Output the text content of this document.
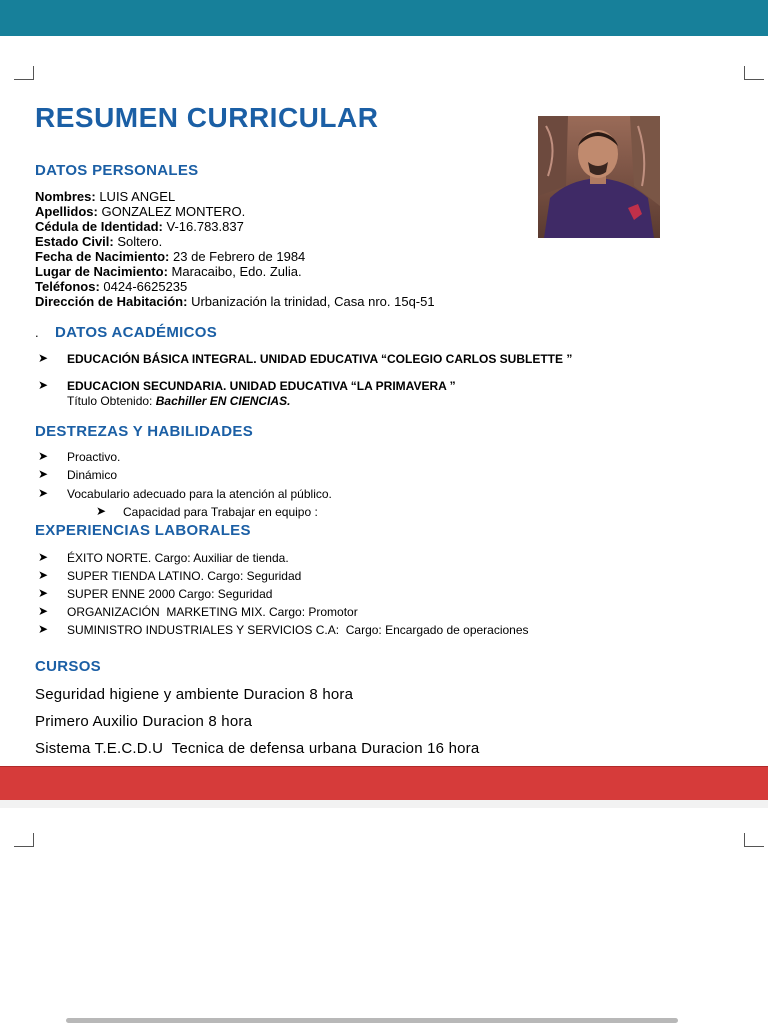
RESUMEN CURRICULAR
DATOS PERSONALES
Nombres: LUIS ANGEL
Apellidos: GONZALEZ MONTERO.
Cédula de Identidad: V-16.783.837
Estado Civil: Soltero.
Fecha de Nacimiento: 23 de Febrero de 1984
Lugar de Nacimiento: Maracaibo, Edo. Zulia.
Teléfonos: 0424-6625235
Dirección de Habitación: Urbanización la trinidad, Casa nro. 15q-51
. DATOS ACADÉMICOS
➤ EDUCACIÓN BÁSICA INTEGRAL. UNIDAD EDUCATIVA “COLEGIO CARLOS SUBLETTE ”
➤ EDUCACION SECUNDARIA. UNIDAD EDUCATIVA “LA PRIMAVERA ”
Título Obtenido: Bachiller EN CIENCIAS.
DESTREZAS Y HABILIDADES
➤ Proactivo.
➤ Dinámico
➤ Vocabulario adecuado para la atención al público.
➤ Capacidad para Trabajar en equipo :
EXPERIENCIAS LABORALES
➤ ÉXITO NORTE. Cargo: Auxiliar de tienda.
➤ SUPER TIENDA LATINO. Cargo: Seguridad
➤ SUPER ENNE 2000 Cargo: Seguridad
➤ ORGANIZACIÓN  MARKETING MIX. Cargo: Promotor
➤ SUMINISTRO INDUSTRIALES Y SERVICIOS C.A:  Cargo: Encargado de operaciones
CURSOS
Seguridad higiene y ambiente Duracion 8 hora
Primero Auxilio Duracion 8 hora
Sistema T.E.C.D.U  Tecnica de defensa urbana Duracion 16 hora
